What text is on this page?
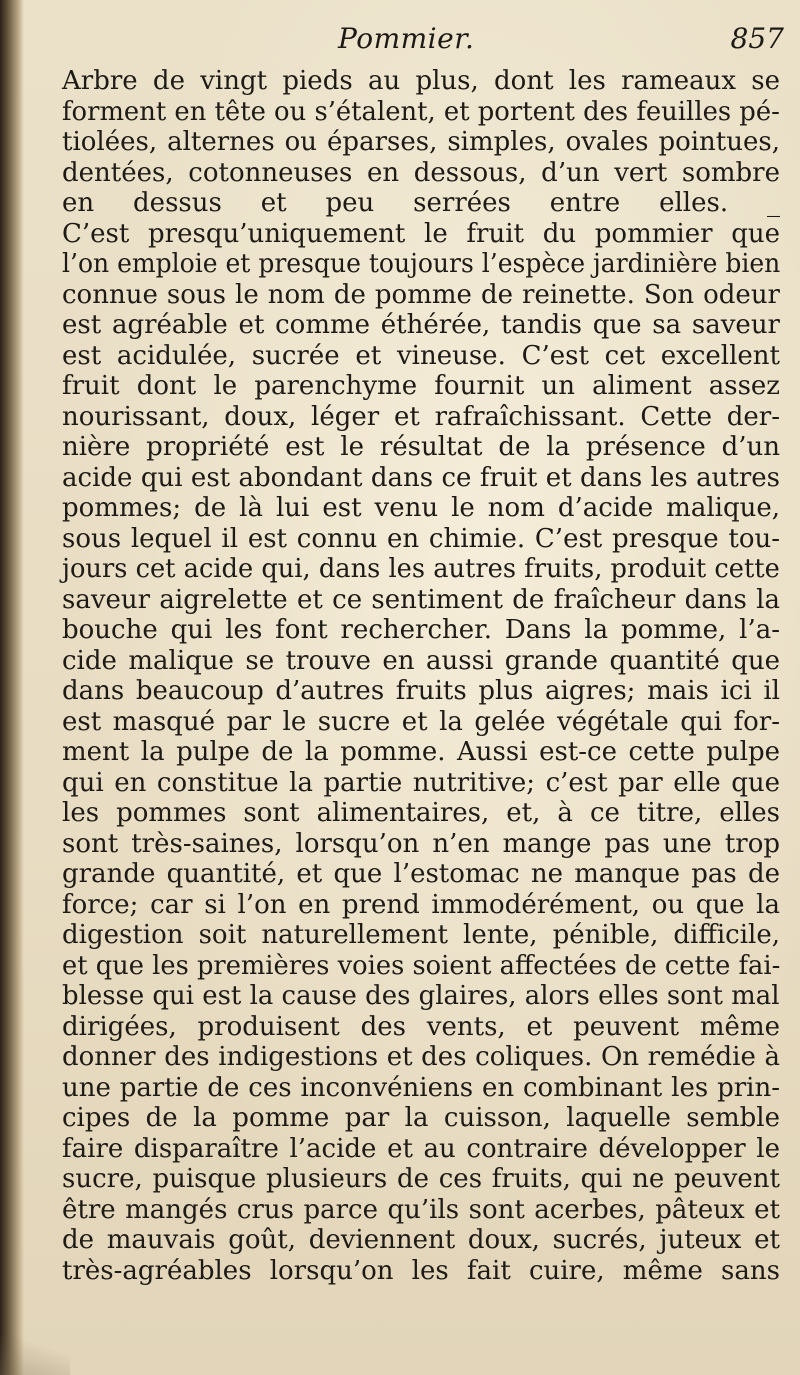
Pommier.	857
Arbre de vingt pieds au plus, dont les rameaux se
forment en tête ou s’étalent, et portent des feuilles pé-
tiolées, alternes ou éparses, simples, ovales pointues,
dentées, cotonneuses en dessous, d’un vert sombre
en dessus et peu serrées entre elles. _
C’est presqu’uniquement le fruit du pommier que
l’on emploie et presque toujours l’espèce jardinière bien
connue sous le nom de pomme de reinette. Son odeur
est agréable et comme éthérée, tandis que sa saveur
est acidulée, sucrée et vineuse. C’est cet excellent
fruit dont le parenchyme fournit un aliment assez
nourissant, doux, léger et rafraîchissant. Cette der-
nière propriété est le résultat de la présence d’un
acide qui est abondant dans ce fruit et dans les autres
pommes; de là lui est venu le nom d’acide malique,
sous lequel il est connu en chimie. C’est presque tou-
jours cet acide qui, dans les autres fruits, produit cette
saveur aigrelette et ce sentiment de fraîcheur dans la
bouche qui les font rechercher. Dans la pomme, l’a-
cide malique se trouve en aussi grande quantité que
dans beaucoup d’autres fruits plus aigres; mais ici il
est masqué par le sucre et la gelée végétale qui for-
ment la pulpe de la pomme. Aussi est-ce cette pulpe
qui en constitue la partie nutritive; c’est par elle que
les pommes sont alimentaires, et, à ce titre, elles
sont très-saines, lorsqu’on n’en mange pas une trop
grande quantité, et que l’estomac ne manque pas de
force; car si l’on en prend immodérément, ou que la
digestion soit naturellement lente, pénible, difficile,
et que les premières voies soient affectées de cette fai-
blesse qui est la cause des glaires, alors elles sont mal
dirigées, produisent des vents, et peuvent même
donner des indigestions et des coliques. On remédie à
une partie de ces inconvéniens en combinant les prin-
cipes de la pomme par la cuisson, laquelle semble
faire disparaître l’acide et au contraire développer le
sucre, puisque plusieurs de ces fruits, qui ne peuvent
être mangés crus parce qu’ils sont acerbes, pâteux et
de mauvais goût, deviennent doux, sucrés, juteux et
très-agréables lorsqu’on les fait cuire, même sans
